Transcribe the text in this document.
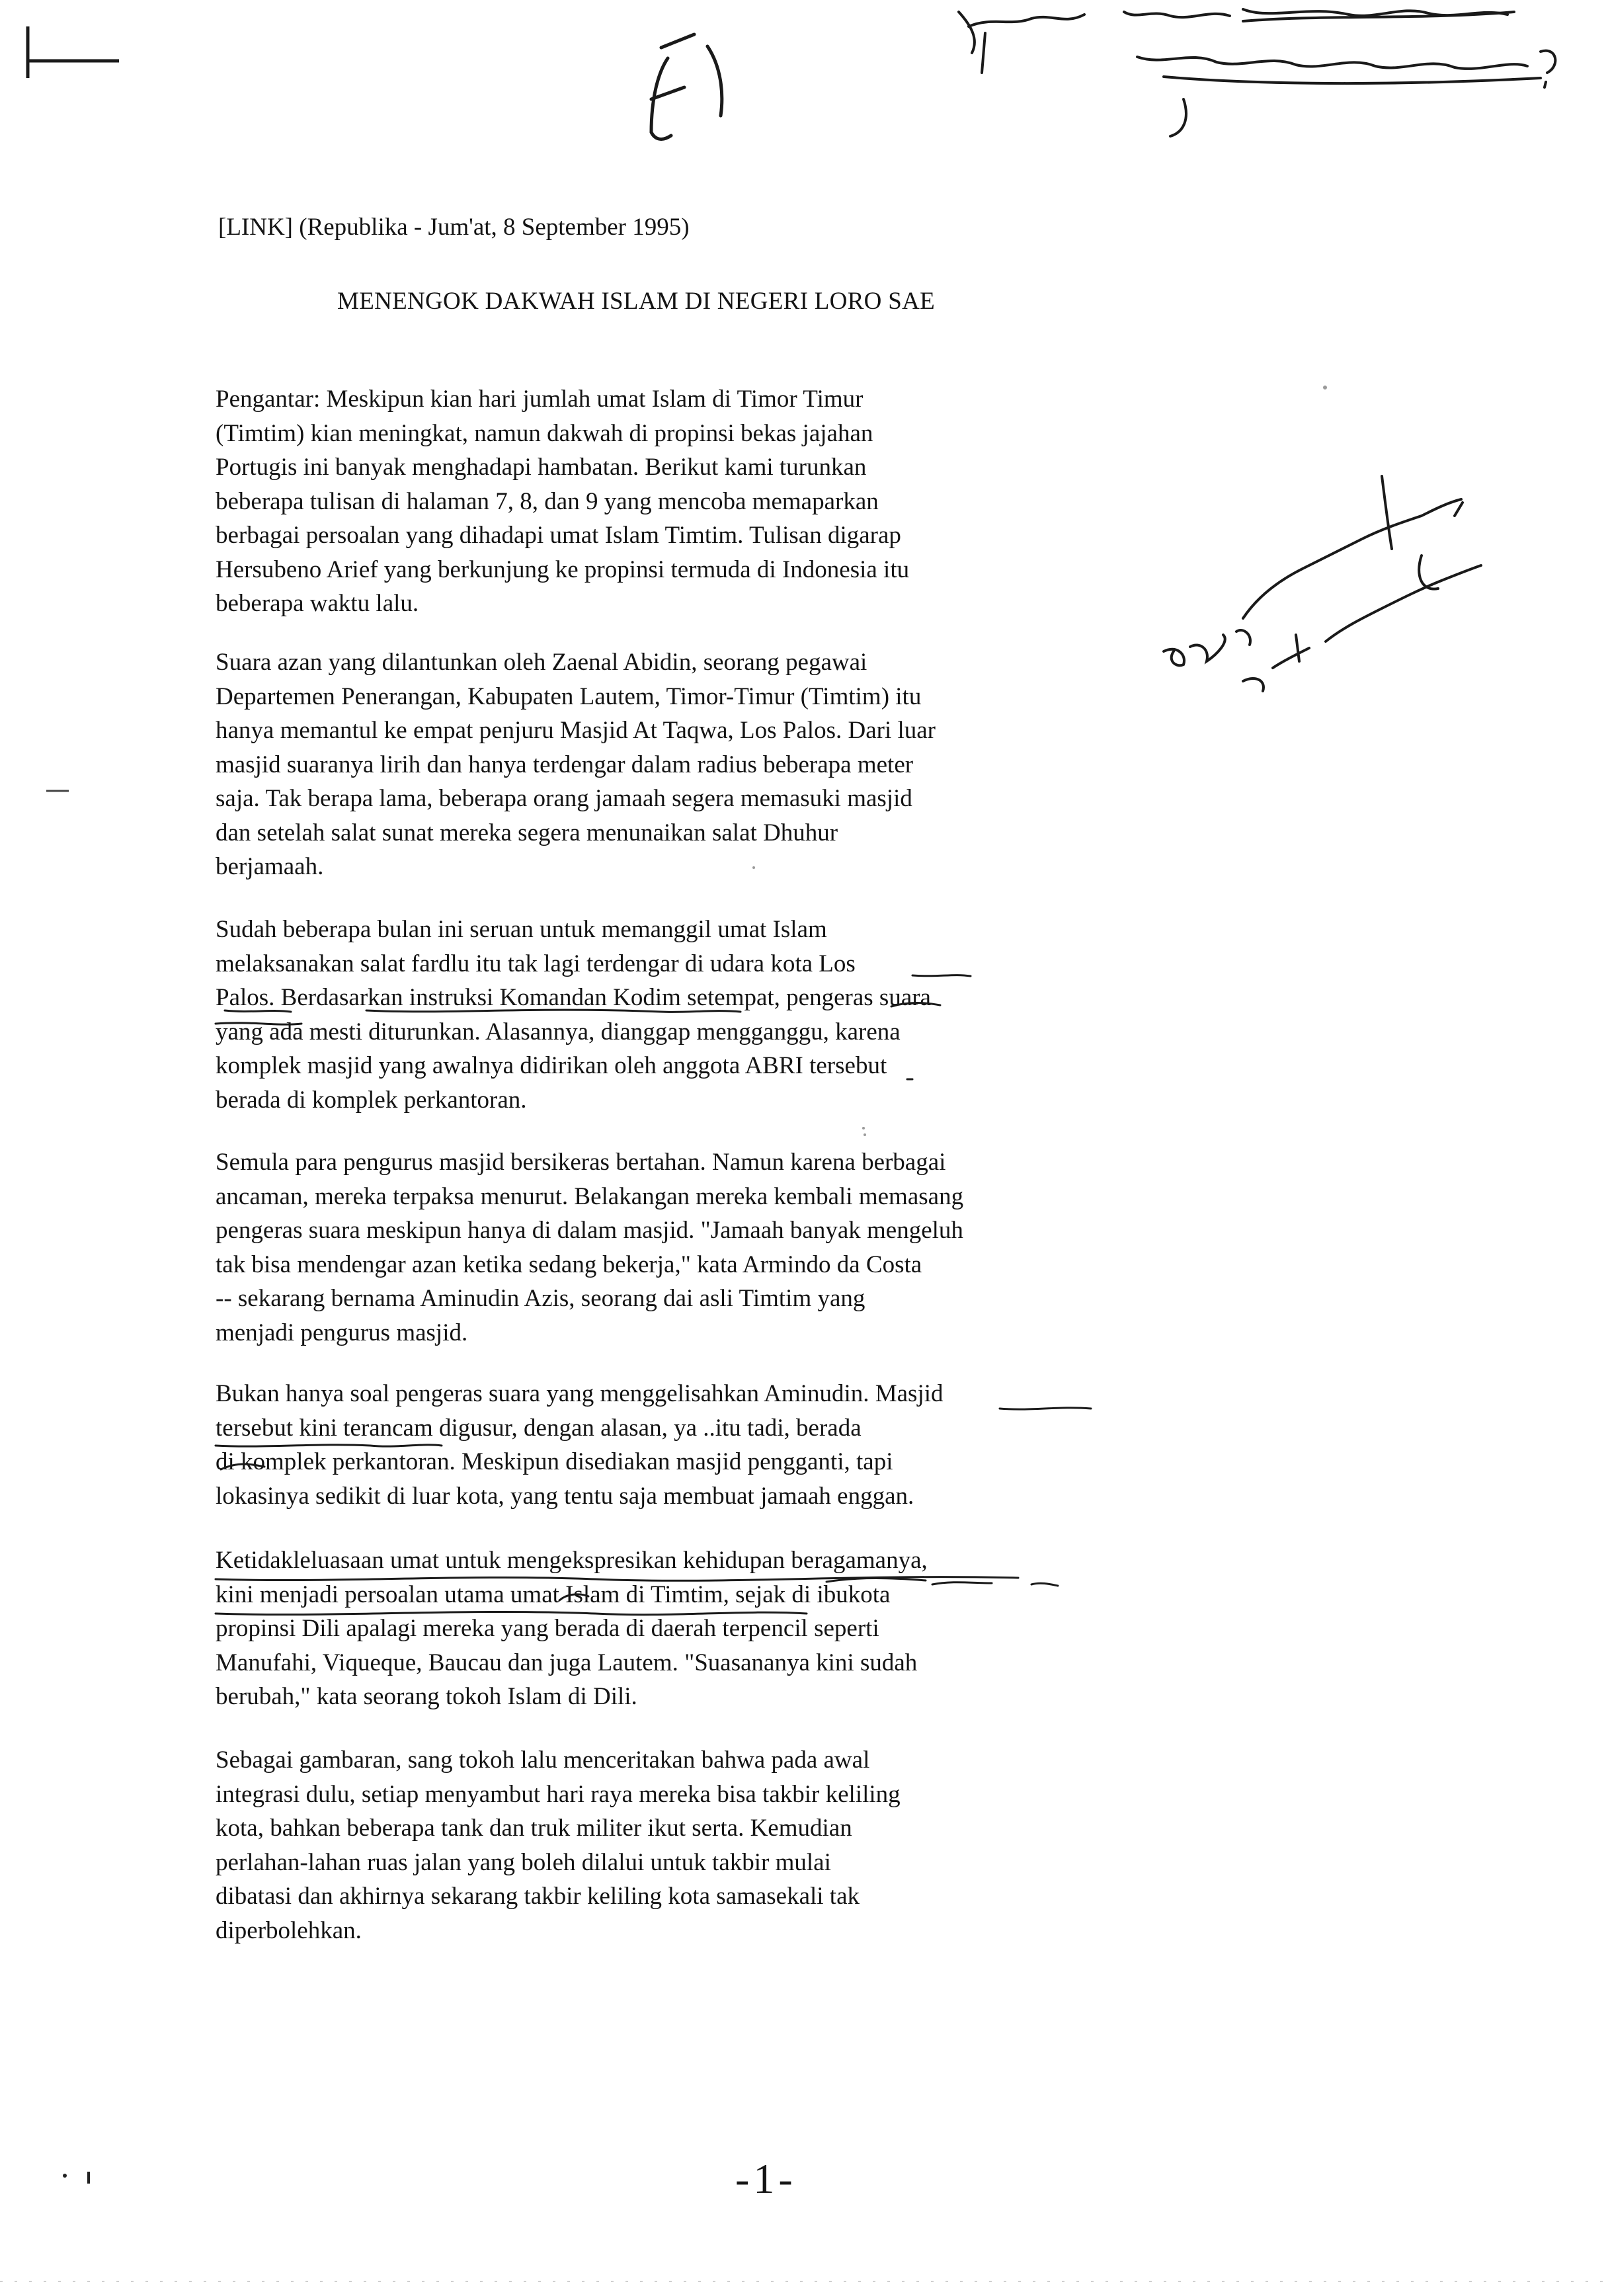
[LINK] (Republika - Jum'at, 8 September 1995)
MENENGOK DAKWAH ISLAM DI NEGERI LORO SAE
Pengantar: Meskipun kian hari jumlah umat Islam di Timor Timur
(Timtim) kian meningkat, namun dakwah di propinsi bekas jajahan
Portugis ini banyak menghadapi hambatan. Berikut kami turunkan
beberapa tulisan di halaman 7, 8, dan 9 yang mencoba memaparkan
berbagai persoalan yang dihadapi umat Islam Timtim. Tulisan digarap
Hersubeno Arief yang berkunjung ke propinsi termuda di Indonesia itu
beberapa waktu lalu.
Suara azan yang dilantunkan oleh Zaenal Abidin, seorang pegawai
Departemen Penerangan, Kabupaten Lautem, Timor-Timur (Timtim) itu
hanya memantul ke empat penjuru Masjid At Taqwa, Los Palos. Dari luar
masjid suaranya lirih dan hanya terdengar dalam radius beberapa meter
saja. Tak berapa lama, beberapa orang jamaah segera memasuki masjid
dan setelah salat sunat mereka segera menunaikan salat Dhuhur
berjamaah.
Sudah beberapa bulan ini seruan untuk memanggil umat Islam
melaksanakan salat fardlu itu tak lagi terdengar di udara kota Los
Palos. Berdasarkan instruksi Komandan Kodim setempat, pengeras suara
yang ada mesti diturunkan. Alasannya, dianggap mengganggu, karena
komplek masjid yang awalnya didirikan oleh anggota ABRI tersebut
berada di komplek perkantoran.
Semula para pengurus masjid bersikeras bertahan. Namun karena berbagai
ancaman, mereka terpaksa menurut. Belakangan mereka kembali memasang
pengeras suara meskipun hanya di dalam masjid. "Jamaah banyak mengeluh
tak bisa mendengar azan ketika sedang bekerja," kata Armindo da Costa
-- sekarang bernama Aminudin Azis, seorang dai asli Timtim yang
menjadi pengurus masjid.
Bukan hanya soal pengeras suara yang menggelisahkan Aminudin. Masjid
tersebut kini terancam digusur, dengan alasan, ya ..itu tadi, berada
di komplek perkantoran. Meskipun disediakan masjid pengganti, tapi
lokasinya sedikit di luar kota, yang tentu saja membuat jamaah enggan.
Ketidakleluasaan umat untuk mengekspresikan kehidupan beragamanya,
kini menjadi persoalan utama umat Islam di Timtim, sejak di ibukota
propinsi Dili apalagi mereka yang berada di daerah terpencil seperti
Manufahi, Viqueque, Baucau dan juga Lautem. "Suasananya kini sudah
berubah," kata seorang tokoh Islam di Dili.
Sebagai gambaran, sang tokoh lalu menceritakan bahwa pada awal
integrasi dulu, setiap menyambut hari raya mereka bisa takbir keliling
kota, bahkan beberapa tank dan truk militer ikut serta. Kemudian
perlahan-lahan ruas jalan yang boleh dilalui untuk takbir mulai
dibatasi dan akhirnya sekarang takbir keliling kota samasekali tak
diperbolehkan.
-1-
